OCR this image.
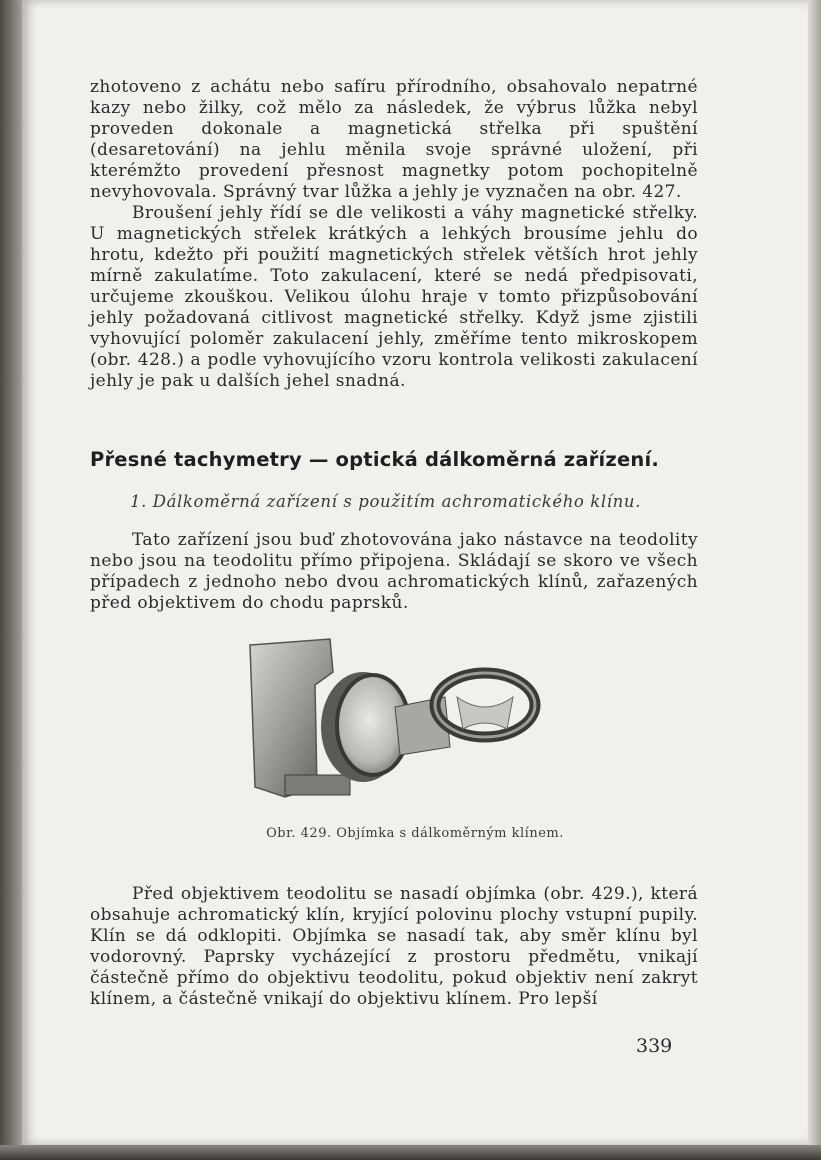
zhotoveno z achátu nebo safíru přírodního, obsahovalo nepatrné kazy nebo žilky, což mělo za následek, že výbrus lůžka nebyl proveden dokonale a magnetická střelka při spuštění (desaretování) na jehlu měnila svoje správné uložení, při kterémžto provedení přesnost magnetky potom pochopitelně nevyhovovala. Správný tvar lůžka a jehly je vyznačen na obr. 427.

Broušení jehly řídí se dle velikosti a váhy magnetické střelky. U magnetických střelek krátkých a lehkých brousíme jehlu do hrotu, kdežto při použití magnetických střelek větších hrot jehly mírně zakulatíme. Toto zakulacení, které se nedá předpisovati, určujeme zkouškou. Velikou úlohu hraje v tomto přizpůsobování jehly požadovaná citlivost magnetické střelky. Když jsme zjistili vyhovující poloměr zakulacení jehly, změříme tento mikroskopem (obr. 428.) a podle vyhovujícího vzoru kontrola velikosti zakulacení jehly je pak u dalších jehel snadná.

Přesné tachymetry — optická dálkoměrná zařízení.
1. Dálkoměrná zařízení s použitím achromatického klínu.

Tato zařízení jsou buď zhotovována jako nástavce na teodolity nebo jsou na teodolitu přímo připojena. Skládají se skoro ve všech případech z jednoho nebo dvou achromatických klínů, zařazených před objektivem do chodu paprsků.

Obr. 429. Objímka s dálkoměrným klínem.

Před objektivem teodolitu se nasadí objímka (obr. 429.), která obsahuje achromatický klín, kryjící polovinu plochy vstupní pupily. Klín se dá odklopiti. Objímka se nasadí tak, aby směr klínu byl vodorovný. Paprsky vycházející z prostoru předmětu, vnikají částečně přímo do objektivu teodolitu, pokud objektiv není zakryt klínem, a částečně vnikají do objektivu klínem. Pro lepší

339
